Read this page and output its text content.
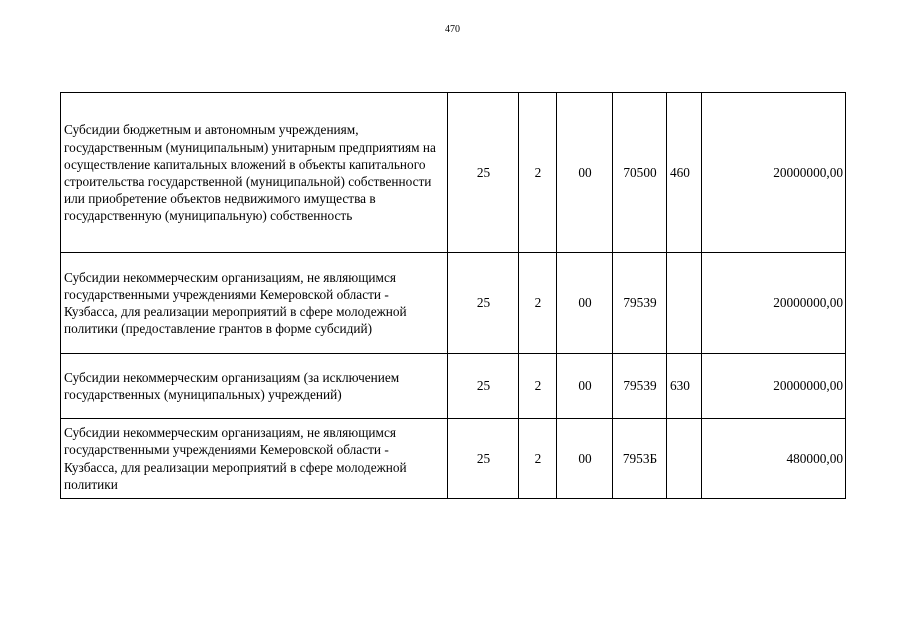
470
Субсидии бюджетным и автономным учреждениям, государственным (муниципальным) унитарным предприятиям на осуществление капитальных вложений в объекты капитального строительства государственной (муниципальной) собственности или приобретение объектов недвижимого имущества в государственную (муниципальную) собственность	25	2	00	70500	460	20000000,00
Субсидии некоммерческим организациям, не являющимся государственными учреждениями Кемеровской области - Кузбасса, для реализации мероприятий в сфере молодежной политики (предоставление грантов в форме субсидий)	25	2	00	79539		20000000,00
Субсидии некоммерческим организациям (за исключением государственных (муниципальных) учреждений)	25	2	00	79539	630	20000000,00
Субсидии некоммерческим организациям, не являющимся государственными учреждениями Кемеровской области - Кузбасса, для реализации мероприятий в сфере молодежной политики	25	2	00	7953Б		480000,00
